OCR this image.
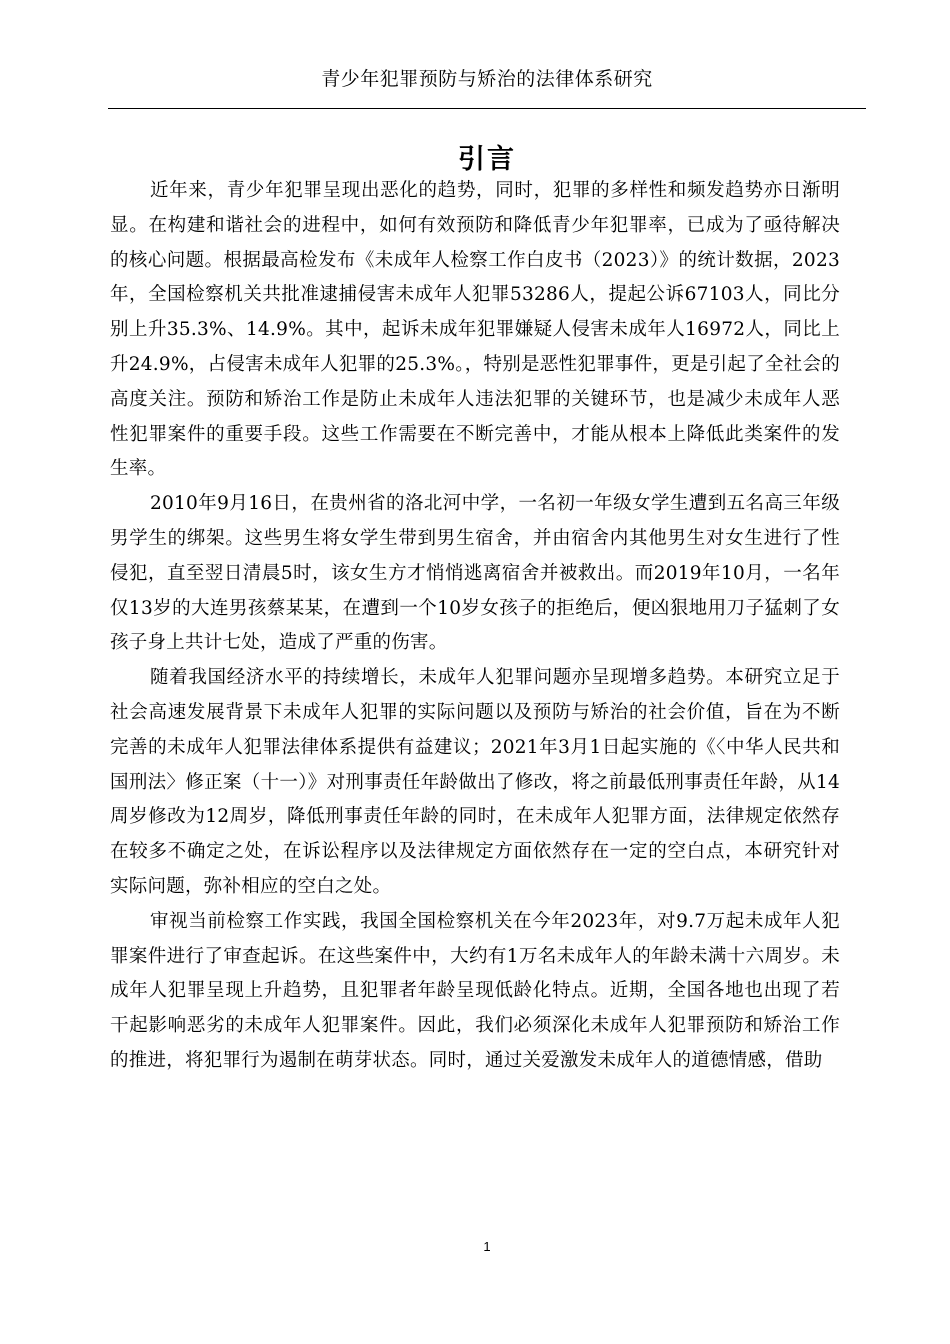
青少年犯罪预防与矫治的法律体系研究
引言

近年来，青少年犯罪呈现出恶化的趋势，同时，犯罪的多样性和频发趋势亦日渐明显。在构建和谐社会的进程中，如何有效预防和降低青少年犯罪率，已成为了亟待解决的核心问题。根据最高检发布《未成年人检察工作白皮书（2023）》的统计数据，2023年，全国检察机关共批准逮捕侵害未成年人犯罪53286人，提起公诉67103人，同比分别上升35.3%、14.9%。其中，起诉未成年犯罪嫌疑人侵害未成年人16972人，同比上升24.9%，占侵害未成年人犯罪的25.3%。，特别是恶性犯罪事件，更是引起了全社会的高度关注。预防和矫治工作是防止未成年人违法犯罪的关键环节，也是减少未成年人恶性犯罪案件的重要手段。这些工作需要在不断完善中，才能从根本上降低此类案件的发生率。

2010年9月16日，在贵州省的洛北河中学，一名初一年级女学生遭到五名高三年级男学生的绑架。这些男生将女学生带到男生宿舍，并由宿舍内其他男生对女生进行了性侵犯，直至翌日清晨5时，该女生方才悄悄逃离宿舍并被救出。而2019年10月，一名年仅13岁的大连男孩蔡某某，在遭到一个10岁女孩子的拒绝后，便凶狠地用刀子猛刺了女孩子身上共计七处，造成了严重的伤害。

随着我国经济水平的持续增长，未成年人犯罪问题亦呈现增多趋势。本研究立足于社会高速发展背景下未成年人犯罪的实际问题以及预防与矫治的社会价值，旨在为不断完善的未成年人犯罪法律体系提供有益建议；2021年3月1日起实施的《〈中华人民共和国刑法〉修正案（十一）》对刑事责任年龄做出了修改，将之前最低刑事责任年龄，从14周岁修改为12周岁，降低刑事责任年龄的同时，在未成年人犯罪方面，法律规定依然存在较多不确定之处，在诉讼程序以及法律规定方面依然存在一定的空白点，本研究针对实际问题，弥补相应的空白之处。

审视当前检察工作实践，我国全国检察机关在今年2023年，对9.7万起未成年人犯罪案件进行了审查起诉。在这些案件中，大约有1万名未成年人的年龄未满十六周岁。未成年人犯罪呈现上升趋势，且犯罪者年龄呈现低龄化特点。近期，全国各地也出现了若干起影响恶劣的未成年人犯罪案件。因此，我们必须深化未成年人犯罪预防和矫治工作的推进，将犯罪行为遏制在萌芽状态。同时，通过关爱激发未成年人的道德情感，借助

1
